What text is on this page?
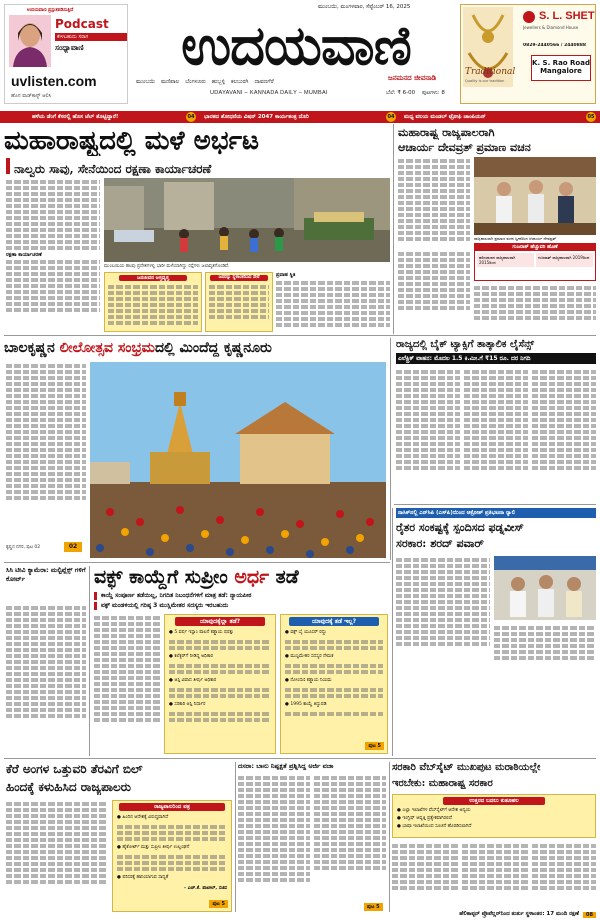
ಉದಯವಾಣಿ ಪ್ರಸ್ತುತಪಡಿಸುತ್ತಿದೆ
Podcast
ಕೇಳಬಹುದು ಸರಾಗ
ಸಂಧ್ಯಾವಾಣಿ
uvlisten.com
ಹೊಸ ಪಾಡ್‌ಕಾಸ್ಟ್ ಆಲಿಸಿ
ಮುಂಬಯಿ, ಮಂಗಳವಾರ, ಸೆಪ್ಟೆಂಬರ್ 16, 2025
ಉದಯವಾಣಿ
ಮುಂಬಯಿ ಮಣಿಪಾಲ ಬೆಂಗಳೂರು ಹುಬ್ಬಳ್ಳಿ ಕಲಬುರಗಿ ದಾವಣಗೆರೆ
UDAYAVANI – KANNADA DAILY – MUMBAI
ಜನಮನದ ಜೀವನಾಡಿ
ಬೆಲೆ: ₹ 6-00 ಪುಟಗಳು: 8
Traditional
Quality is our tradition
S. L. SHET
Jewellers & Diamond House
0829-2440566 / 2440888
K. S. Rao Road
Mangalore
ಹಳೆಯ ಡೆಂಗೆ ಕೆಸರಲ್ಲಿ ಹೊಸ ಜೆಲ್‌ ತೊಟ್ಟಿದ್ದಾರೆ!	04 ಭಾರತದ ಶೋಧನೆಯ ವಿಷನ್ 2047 ಕಾರ್ಯತಂತ್ರ ದೊರಿ	04 ಮಧ್ಯ ವಲಯ ಮಂಡಲ್‌ ಟ್ರೋಫಿ ಚಾಂಪಿಯನ್	05
ಮಹಾರಾಷ್ಟ್ರದಲ್ಲಿ ಮಳೆ ಅರ್ಭಟ
ನಾಲ್ವರು ಸಾವು, ಸೇನೆಯಿಂದ ರಕ್ಷಣಾ ಕಾರ್ಯಾಚರಣೆ
ರಕ್ಷಣಾ ಕಾರ್ಯಾಚರಣೆ
ಮುಂಬಯಿಯ ಹಲವು ಪ್ರದೇಶಗಳಲ್ಲಿ ಭಾರೀ ಮಳೆಯಾಗಿದ್ದು ರಸ್ತೆಗಳು ಜಲಾವೃತಗೊಂಡಿವೆ.
ಜನಜೀವನ ಅಸ್ತವ್ಯಸ್ತ	ಜನರನ್ನು ಸ್ಥಳಾಂತರಿಸಿದ ಸೇನೆ	ಪ್ರವಾಹ ಸ್ಥಿತಿ
ಮಹಾರಾಷ್ಟ್ರ ರಾಜ್ಯಪಾಲರಾಗಿ
ಆಚಾರ್ಯ ದೇವವ್ರತ್ ಪ್ರಮಾಣ ವಚನ
ರಾಜ್ಯಪಾಲರಾಗಿ ಪ್ರಮಾಣ ವಚನ ಸ್ವೀಕರಿಸಿದ ಆಚಾರ್ಯ ದೇವವ್ರತ್
ಗುಜರಾತ್ ಹೆಚ್ಚುವರಿ ಹೊಣೆ
ಹರಿಯಾಣದ ರಾಜ್ಯಪಾಲರಾಗಿ 2015ರಿಂದ
ಗುಜರಾತ್ ರಾಜ್ಯಪಾಲರಾಗಿ 2019ರಿಂದ
ಬಾಲಕೃಷ್ಣನ ಲೀಲೋತ್ಸವ ಸಂಭ್ರಮದಲ್ಲಿ ಮಿಂದೆದ್ದ ಕೃಷ್ಣನೂರು
ಕೃಷ್ಣನ ನಗರ, ಪುಟ 02	02
ರಾಜ್ಯದಲ್ಲಿ ಬೈಕ್ ಟ್ಯಾಕ್ಸಿಗೆ ತಾತ್ಕಾಲಿಕ ಲೈಸೆನ್ಸ್
ಎಲೆಕ್ಟ್ರಿಕ್ ವಾಹನ: ಮೊದಲ 1.5 ಕಿ.ಮೀ.ಗೆ ₹15 ರೂ. ದರ ನಿಗದಿ
ನಾಸಿಕ್‌ನಲ್ಲಿ ಎನ್‌ಸಿಪಿ (ಎಸ್‌ಪಿ)ಯಿಂದ ಆಕ್ರೋಶ್ ಪ್ರತಿಭಟನಾ ರ್‍ಯಾಲಿ
ರೈತರ ಸಂಕಷ್ಟಕ್ಕೆ ಸ್ಪಂದಿಸದ ಫಡ್ನವೀಸ್
ಸರಕಾರ: ಶರದ್‌ ಪವಾರ್
ಸಿಸಿ ಟೀವಿ ಕ್ಯಾಮೆರಾ: ಮಲ್ಟಿಪ್ಲೆಕ್ಸ್ ಗಳಿಗೆ ಕೋರ್ಟ್	ವಕ್ಫ್ ಕಾಯ್ದೆಗೆ ಸುಪ್ರೀಂ ಅರ್ಧ ತಡೆ
ಕಾಯ್ದೆ ಸಂಪೂರ್ಣ ತಡೆಯಿಲ್ಲ, ನಿಗದಿತ ನಿಬಂಧನೆಗಳಿಗೆ ಮಾತ್ರ ತಡೆ: ನ್ಯಾಯಪೀಠ
ವಕ್ಫ್ ಮಂಡಳಿಯಲ್ಲಿ ಗರಿಷ್ಠ 3 ಮುಸ್ಲಿಮೇತರ ಸದಸ್ಯರು ಇರಬಹುದು
ಯಾವುದಕ್ಕೆಲ್ಲಾ ತಡೆ?
● 5 ವರ್ಷ ಇಸ್ಲಾಂ ಪಾಲನೆ ಕಡ್ಡಾಯ ಷರತ್ತು
● ಕಲೆಕ್ಟರ್‌ಗೆ ನೀಡಿದ್ದ ಅಧಿಕಾರ
● ಆಸ್ತಿ ವಿವಾದ ತೀರ್ಪು ಅಧಿಕಾರ
● ಸರಕಾರಿ ಆಸ್ತಿ ನಿರ್ಧಾರ
ಯಾವುದಕ್ಕೆ ತಡೆ ಇಲ್ಲ?
● ವಕ್ಫ್ ಬೈ ಯೂಸರ್ ರದ್ದು
● ಮುಸ್ಲಿಮೇತರ ಸದಸ್ಯರ ನೇಮಕ
● ನೋಂದಣಿ ಕಡ್ಡಾಯ ನಿಯಮ
● 1995 ಕಾಯ್ದೆ ತಿದ್ದುಪಡಿ
ಪುಟ 5
ಕೆರೆ ಅಂಗಳ ಒತ್ತುವರಿ ತೆರವಿಗೆ ಬಿಲ್
ಹಿಂದಕ್ಕೆ ಕಳುಹಿಸಿದ ರಾಜ್ಯಪಾಲರು
ರಾಜ್ಯಪಾಲರಿಂದ ಪತ್ರ
● ಹಿಂದಿನ ಆದೇಶಕ್ಕೆ ವಿರುದ್ಧವಾಗಿದೆ
● ಹೈಕೋರ್ಟ್ ಮತ್ತು ಸುಪ್ರೀಂ ತೀರ್ಪು ಉಲ್ಲಂಘನೆ
● ಪರಿಸರಕ್ಕೆ ಹಾನಿಯಾಗುವ ಸಾಧ್ಯತೆ
– ಎಚ್.ಕೆ. ಪಾಟೀಲ್, ಸಚಿವ
ಪುಟ 5
ದಸರಾ: ಬಾನು ನಿಷ್ಪಕ್ಷತೆ ಪ್ರಶ್ನಿಸಿದ್ದ ಅರ್ಜಿ ವಜಾ
ಪುಟ 5
ಸರಕಾರಿ ವೆಬ್‌ಸೈಟ್ ಮುಖಪುಟ ಮರಾಠಿಯಲ್ಲೇ
ಇರಬೇಕು: ಮಹಾರಾಷ್ಟ್ರ ಸರಕಾರ
ಉತ್ತರದ ಬದಲು ಕುತೂಹಲ
● ಎಲ್ಲಾ ಇಲಾಖೆಗಳ ವೆಬ್‌ಸೈಟ್‌ಗೆ ಆದೇಶ ಅನ್ವಯ
● ಇಂಗ್ಲಿಷ್ ಆವೃತ್ತಿ ಪ್ರತ್ಯೇಕವಾಗಿರಲಿದೆ
● ಭಾಷಾ ಇಲಾಖೆಯಿಂದ ಸೂಚನೆ ಹೊರಡಿಸಲಾಗಿದೆ
ಹೆಲಿಕಾಪ್ಟರ್ ಪ್ರೊಪೆಲ್ಲರ್‌ನಿಂದ ತುರ್ತು ಸ್ಥಳಾಂತರ: 17 ಮಂದಿ ರಕ್ಷಣೆ	08
